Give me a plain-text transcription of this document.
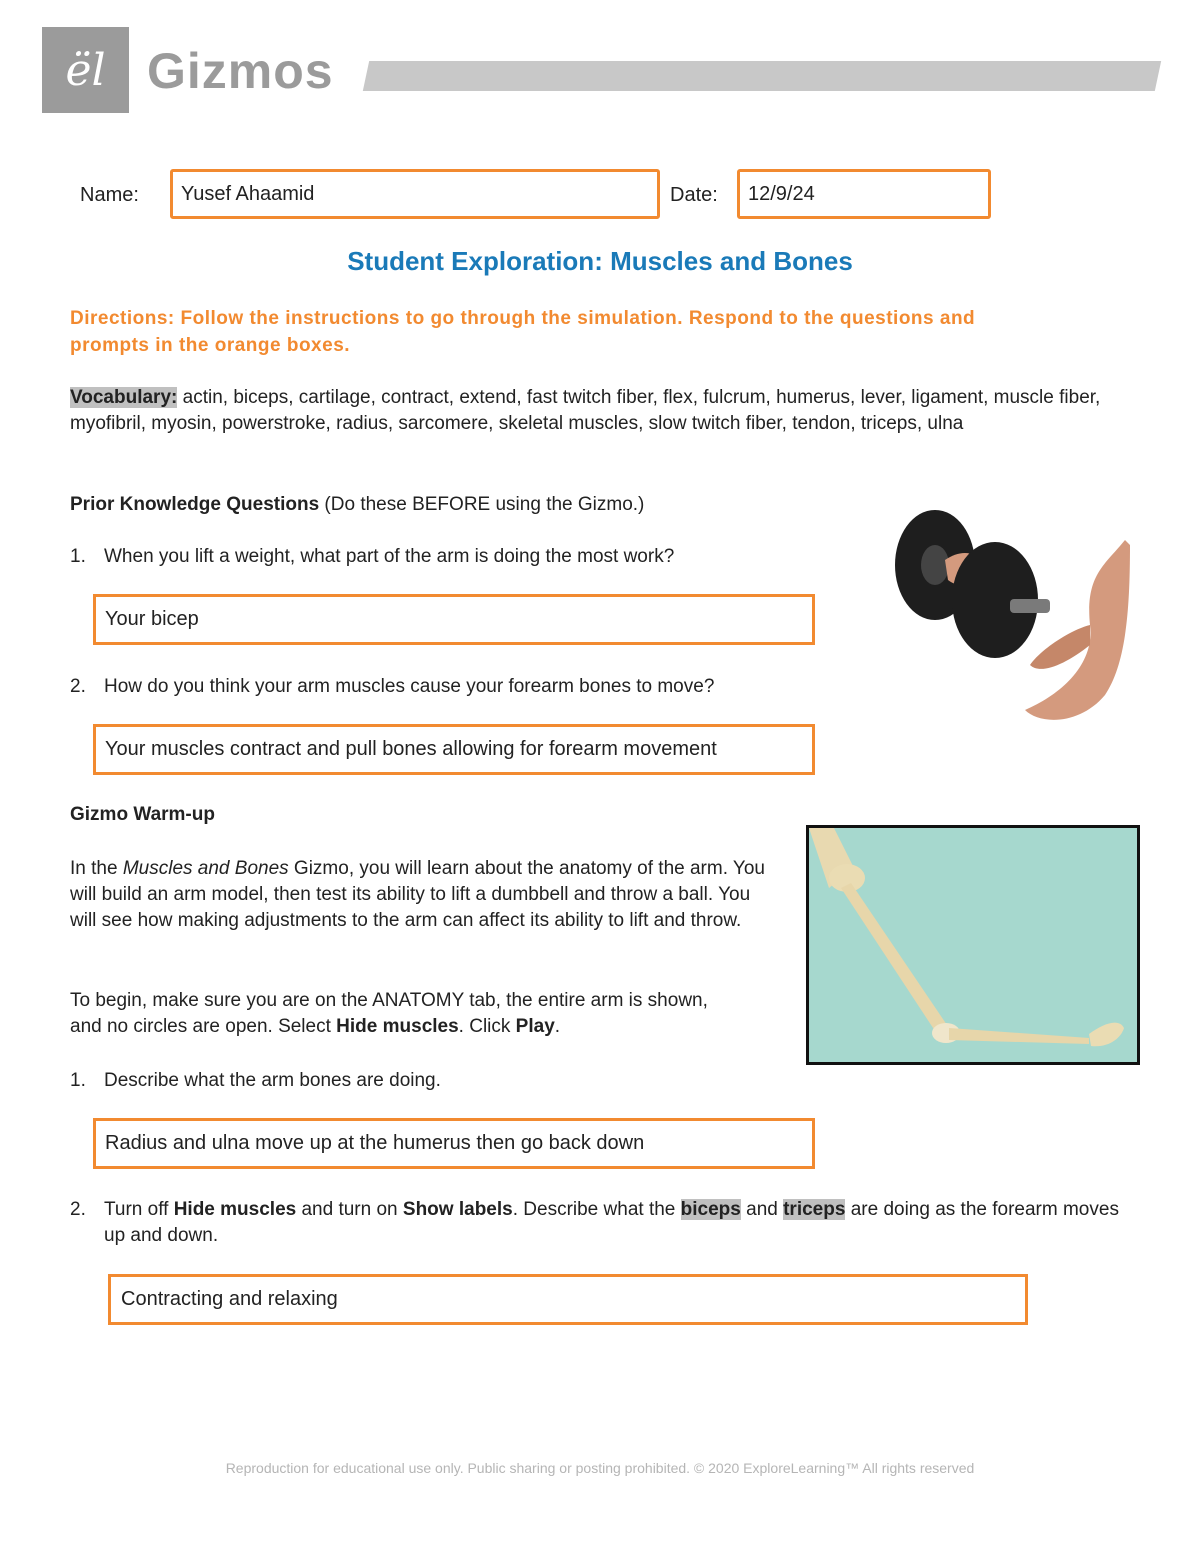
ël Gizmos
Name: Yusef Ahaamid	Date: 12/9/24
Student Exploration: Muscles and Bones
Directions: Follow the instructions to go through the simulation. Respond to the questions and
prompts in the orange boxes.
Vocabulary: actin, biceps, cartilage, contract, extend, fast twitch fiber, flex, fulcrum, humerus, lever, ligament, muscle fiber, myofibril, myosin, powerstroke, radius, sarcomere, skeletal muscles, slow twitch fiber, tendon, triceps, ulna
Prior Knowledge Questions (Do these BEFORE using the Gizmo.)
1. When you lift a weight, what part of the arm is doing the most work?
Your bicep
2. How do you think your arm muscles cause your forearm bones to move?
Your muscles contract and pull bones allowing for forearm movement
Gizmo Warm-up
In the Muscles and Bones Gizmo, you will learn about the anatomy of the arm. You will build an arm model, then test its ability to lift a dumbbell and throw a ball. You will see how making adjustments to the arm can affect its ability to lift and throw.
To begin, make sure you are on the ANATOMY tab, the entire arm is shown, and no circles are open. Select Hide muscles. Click Play.
1. Describe what the arm bones are doing.
Radius and ulna move up at the humerus then go back down
2. Turn off Hide muscles and turn on Show labels. Describe what the biceps and triceps are doing as the forearm moves up and down.
Contracting and relaxing
Reproduction for educational use only. Public sharing or posting prohibited. © 2020 ExploreLearning™ All rights reserved
